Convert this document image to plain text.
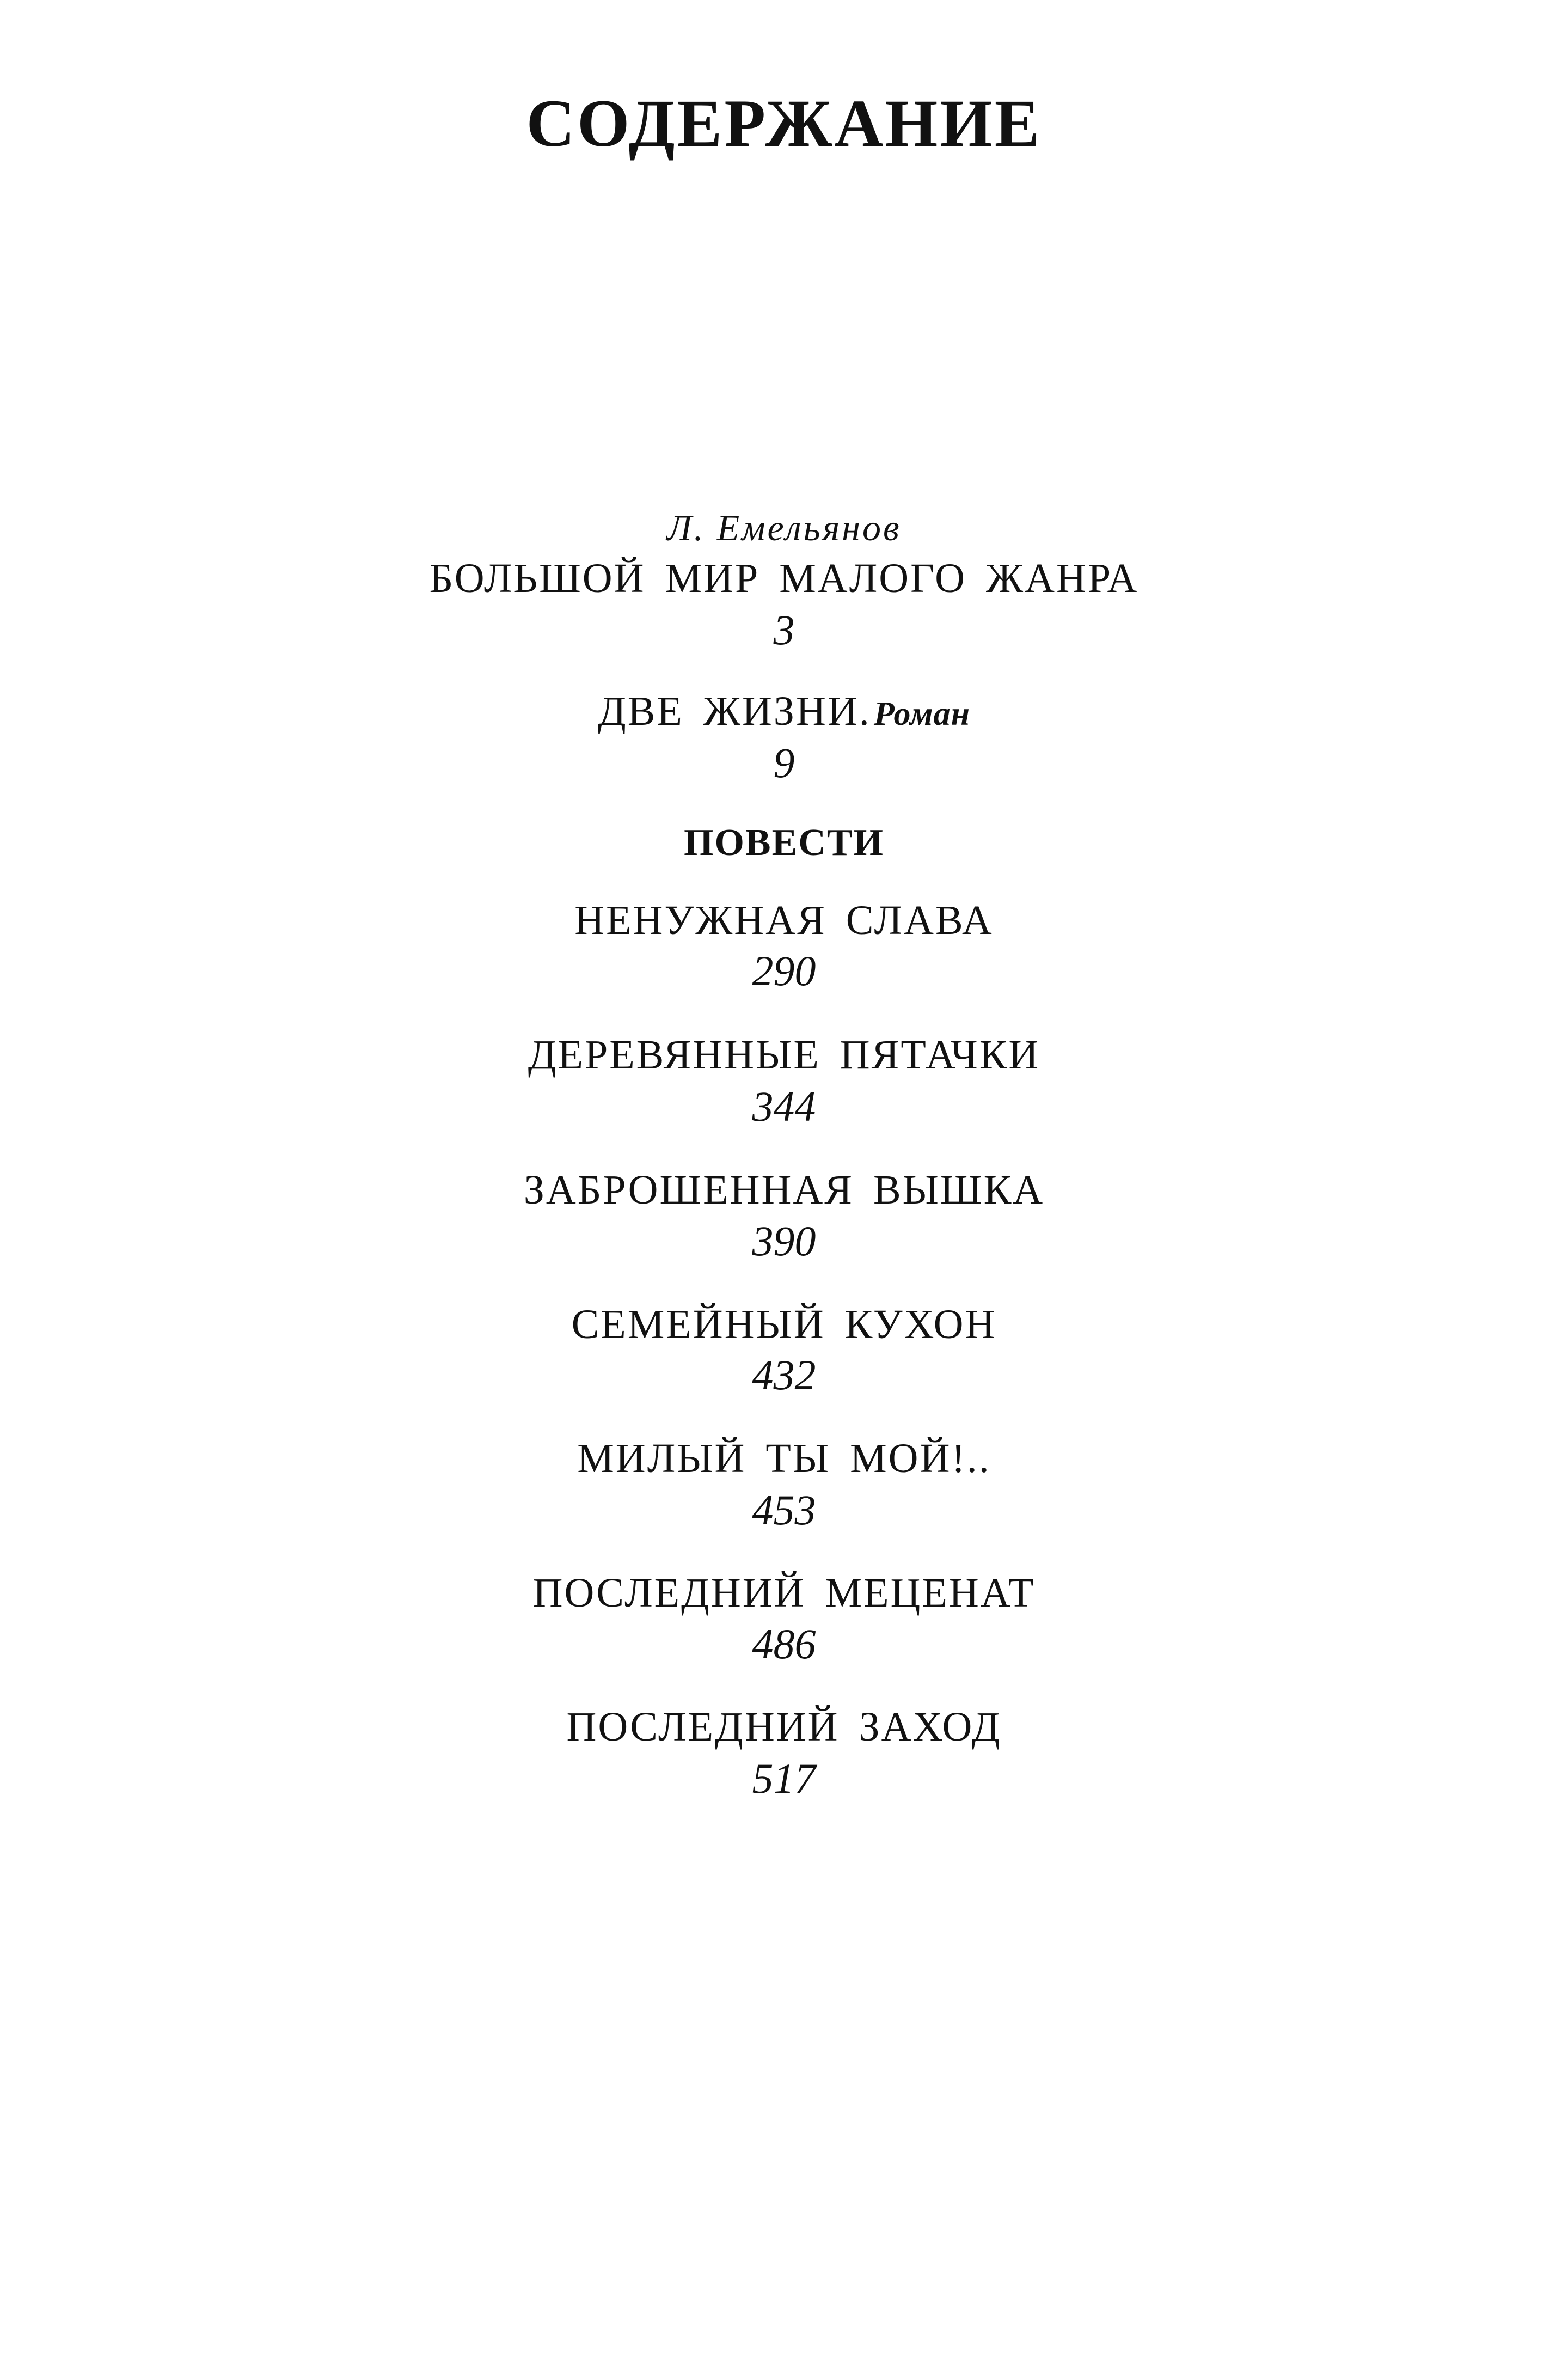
СОДЕРЖАНИЕ
Л. Емельянов
БОЛЬШОЙ МИР МАЛОГО ЖАНРА
3
ДВЕ ЖИЗНИ. Роман
9
ПОВЕСТИ
НЕНУЖНАЯ СЛАВА
290
ДЕРЕВЯННЫЕ ПЯТАЧКИ
344
ЗАБРОШЕННАЯ ВЫШКА
390
СЕМЕЙНЫЙ КУХОН
432
МИЛЫЙ ТЫ МОЙ!..
453
ПОСЛЕДНИЙ МЕЦЕНАТ
486
ПОСЛЕДНИЙ ЗАХОД
517
